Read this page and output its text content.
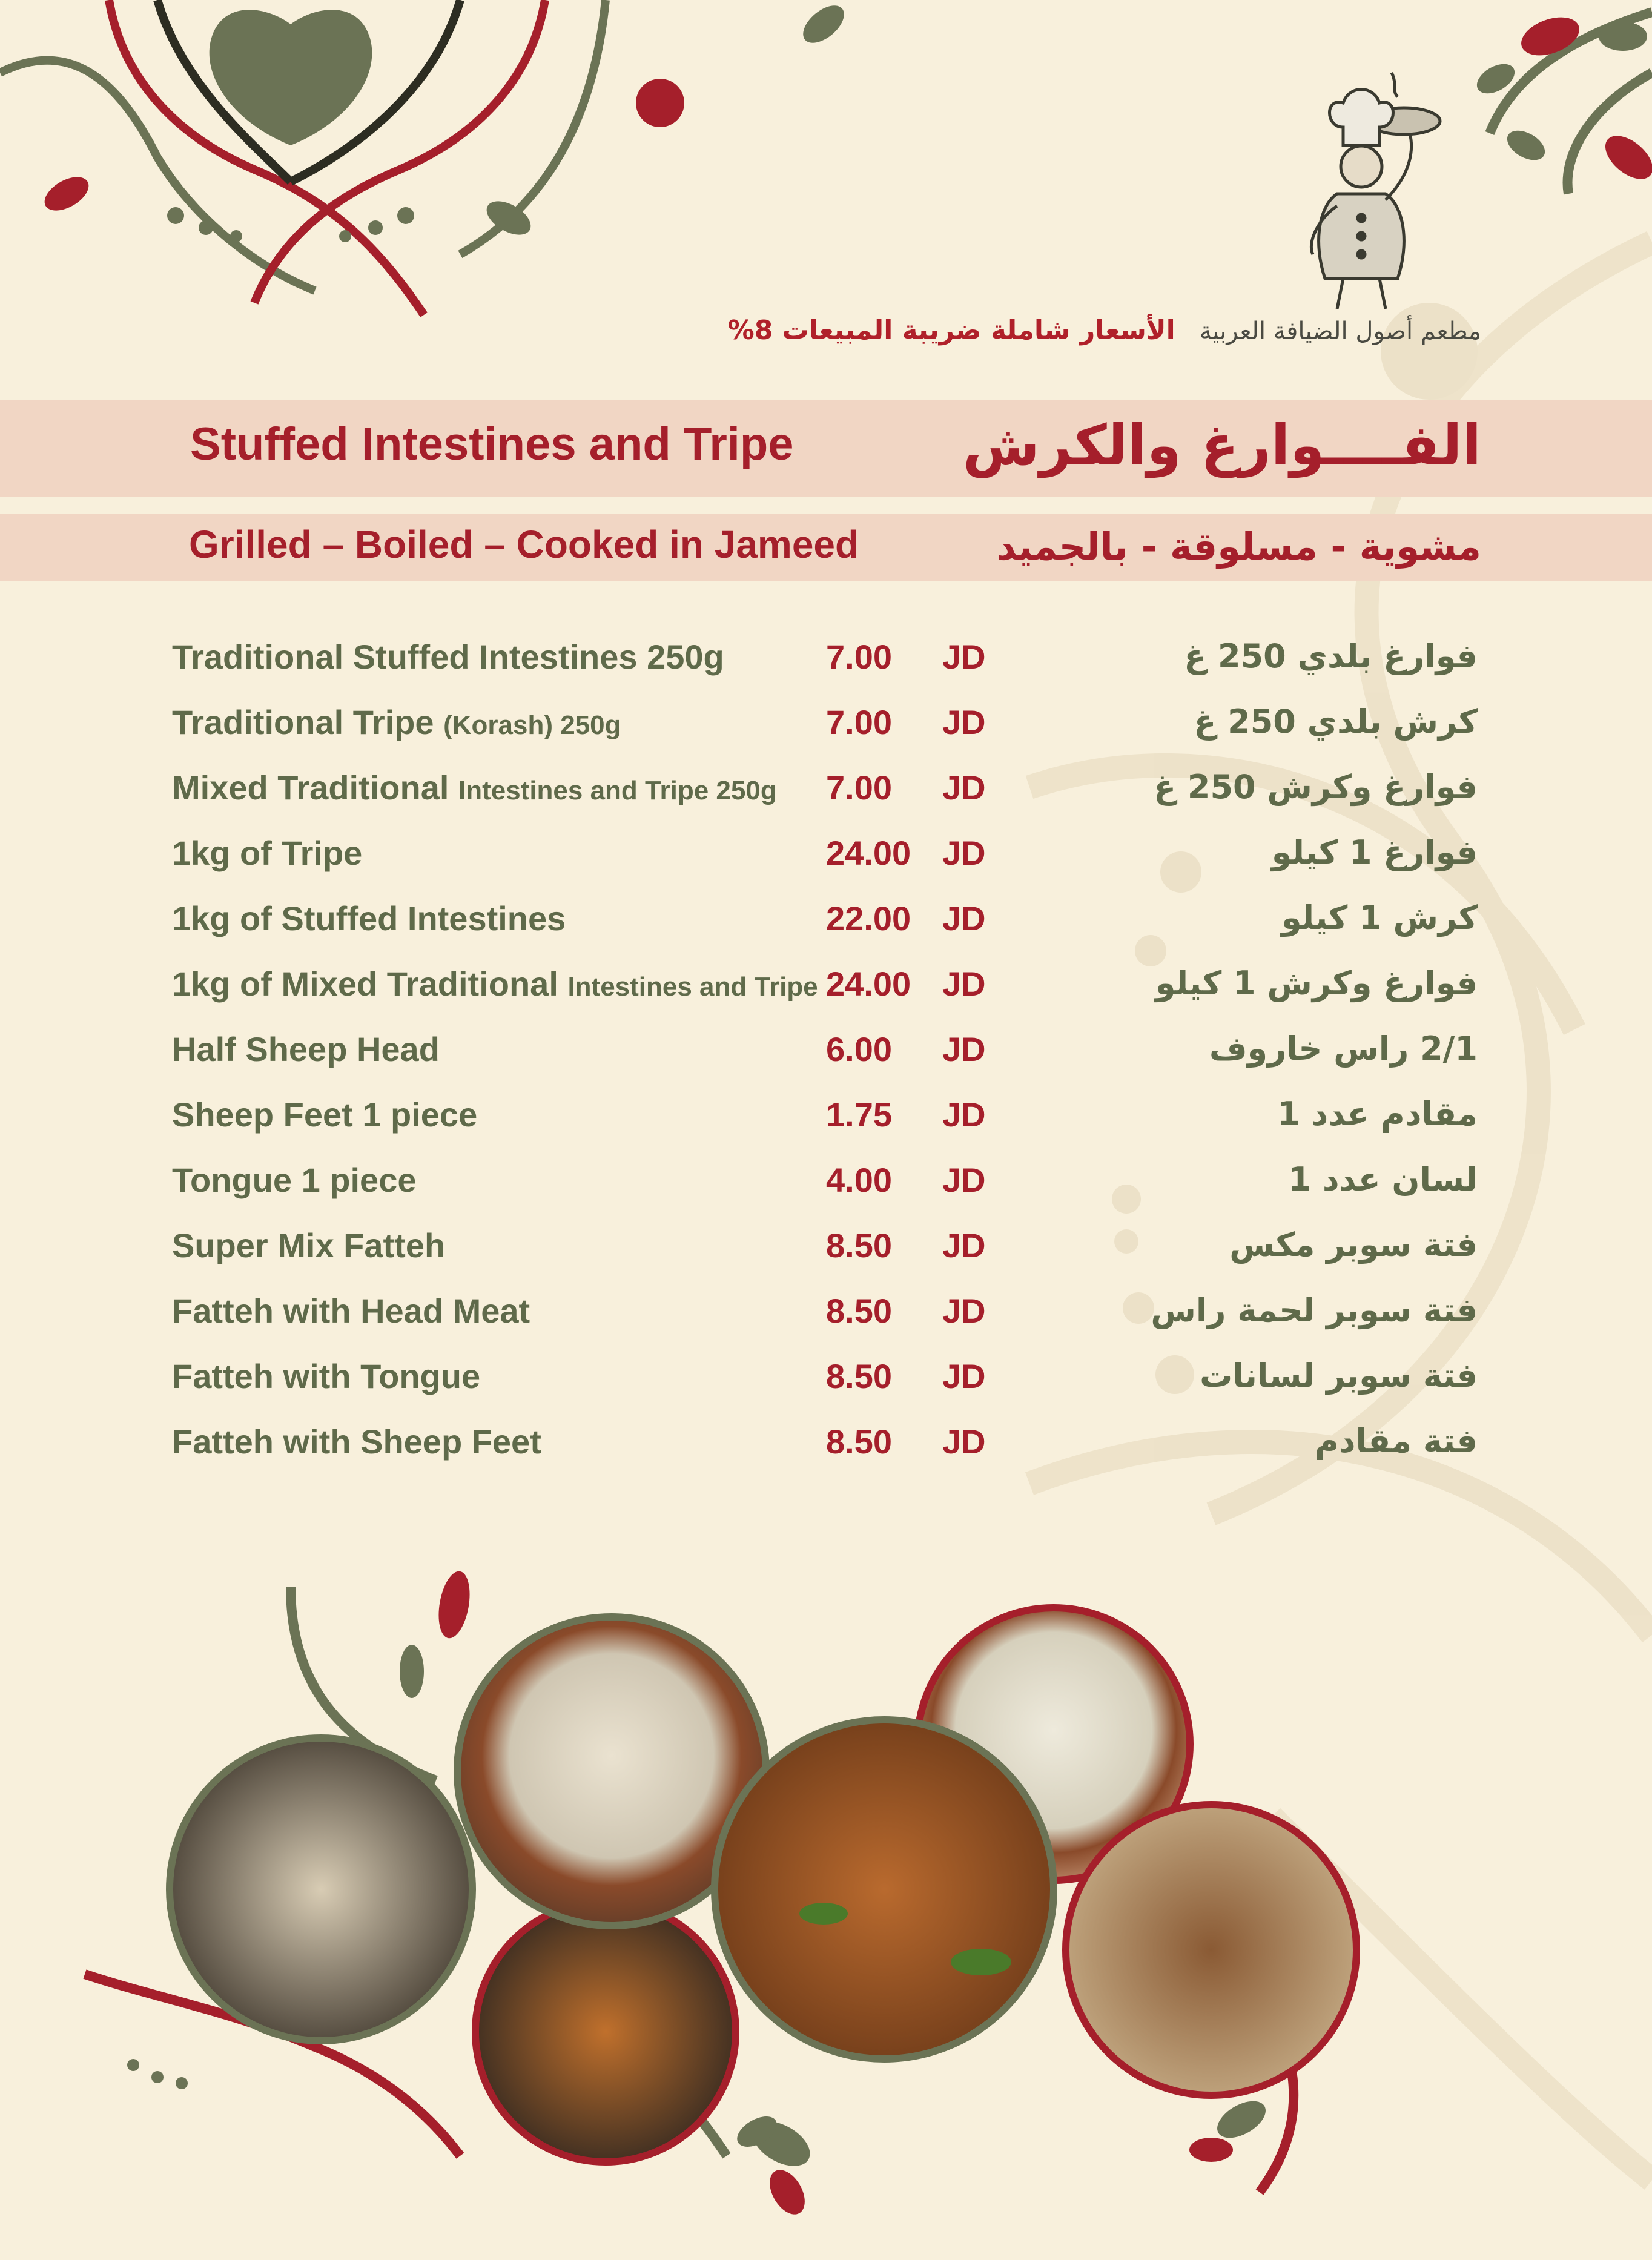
مطعم أصول الضيافة العربيةالأسعار شاملة ضريبة المبيعات 8%
Stuffed Intestines and Tripe	الفــــوارغ والكرش
Grilled – Boiled – Cooked in Jameed	مشوية - مسلوقة - بالجميد
Traditional Stuffed Intestines 250g	7.00 JD	فوارغ بلدي 250 غ
Traditional Tripe (Korash) 250g	7.00 JD	كرش بلدي 250 غ
Mixed Traditional Intestines and Tripe 250g 7.00 JD	فوارغ وكرش 250 غ
1kg of Tripe	24.00 JD	فوارغ 1 كيلو
1kg of Stuffed Intestines	22.00 JD	كرش 1 كيلو
1kg of Mixed Traditional Intestines and Tripe 24.00 JD	فوارغ وكرش 1 كيلو
Half Sheep Head	6.00 JD	2/1 راس خاروف
Sheep Feet 1 piece	1.75 JD	مقادم عدد 1
Tongue 1 piece	4.00 JD	لسان عدد 1
Super Mix Fatteh	8.50 JD	فتة سوبر مكس
Fatteh with Head Meat	8.50 JD	فتة سوبر لحمة راس
Fatteh with Tongue	8.50 JD	فتة سوبر لسانات
Fatteh with Sheep Feet	8.50 JD	فتة مقادم
